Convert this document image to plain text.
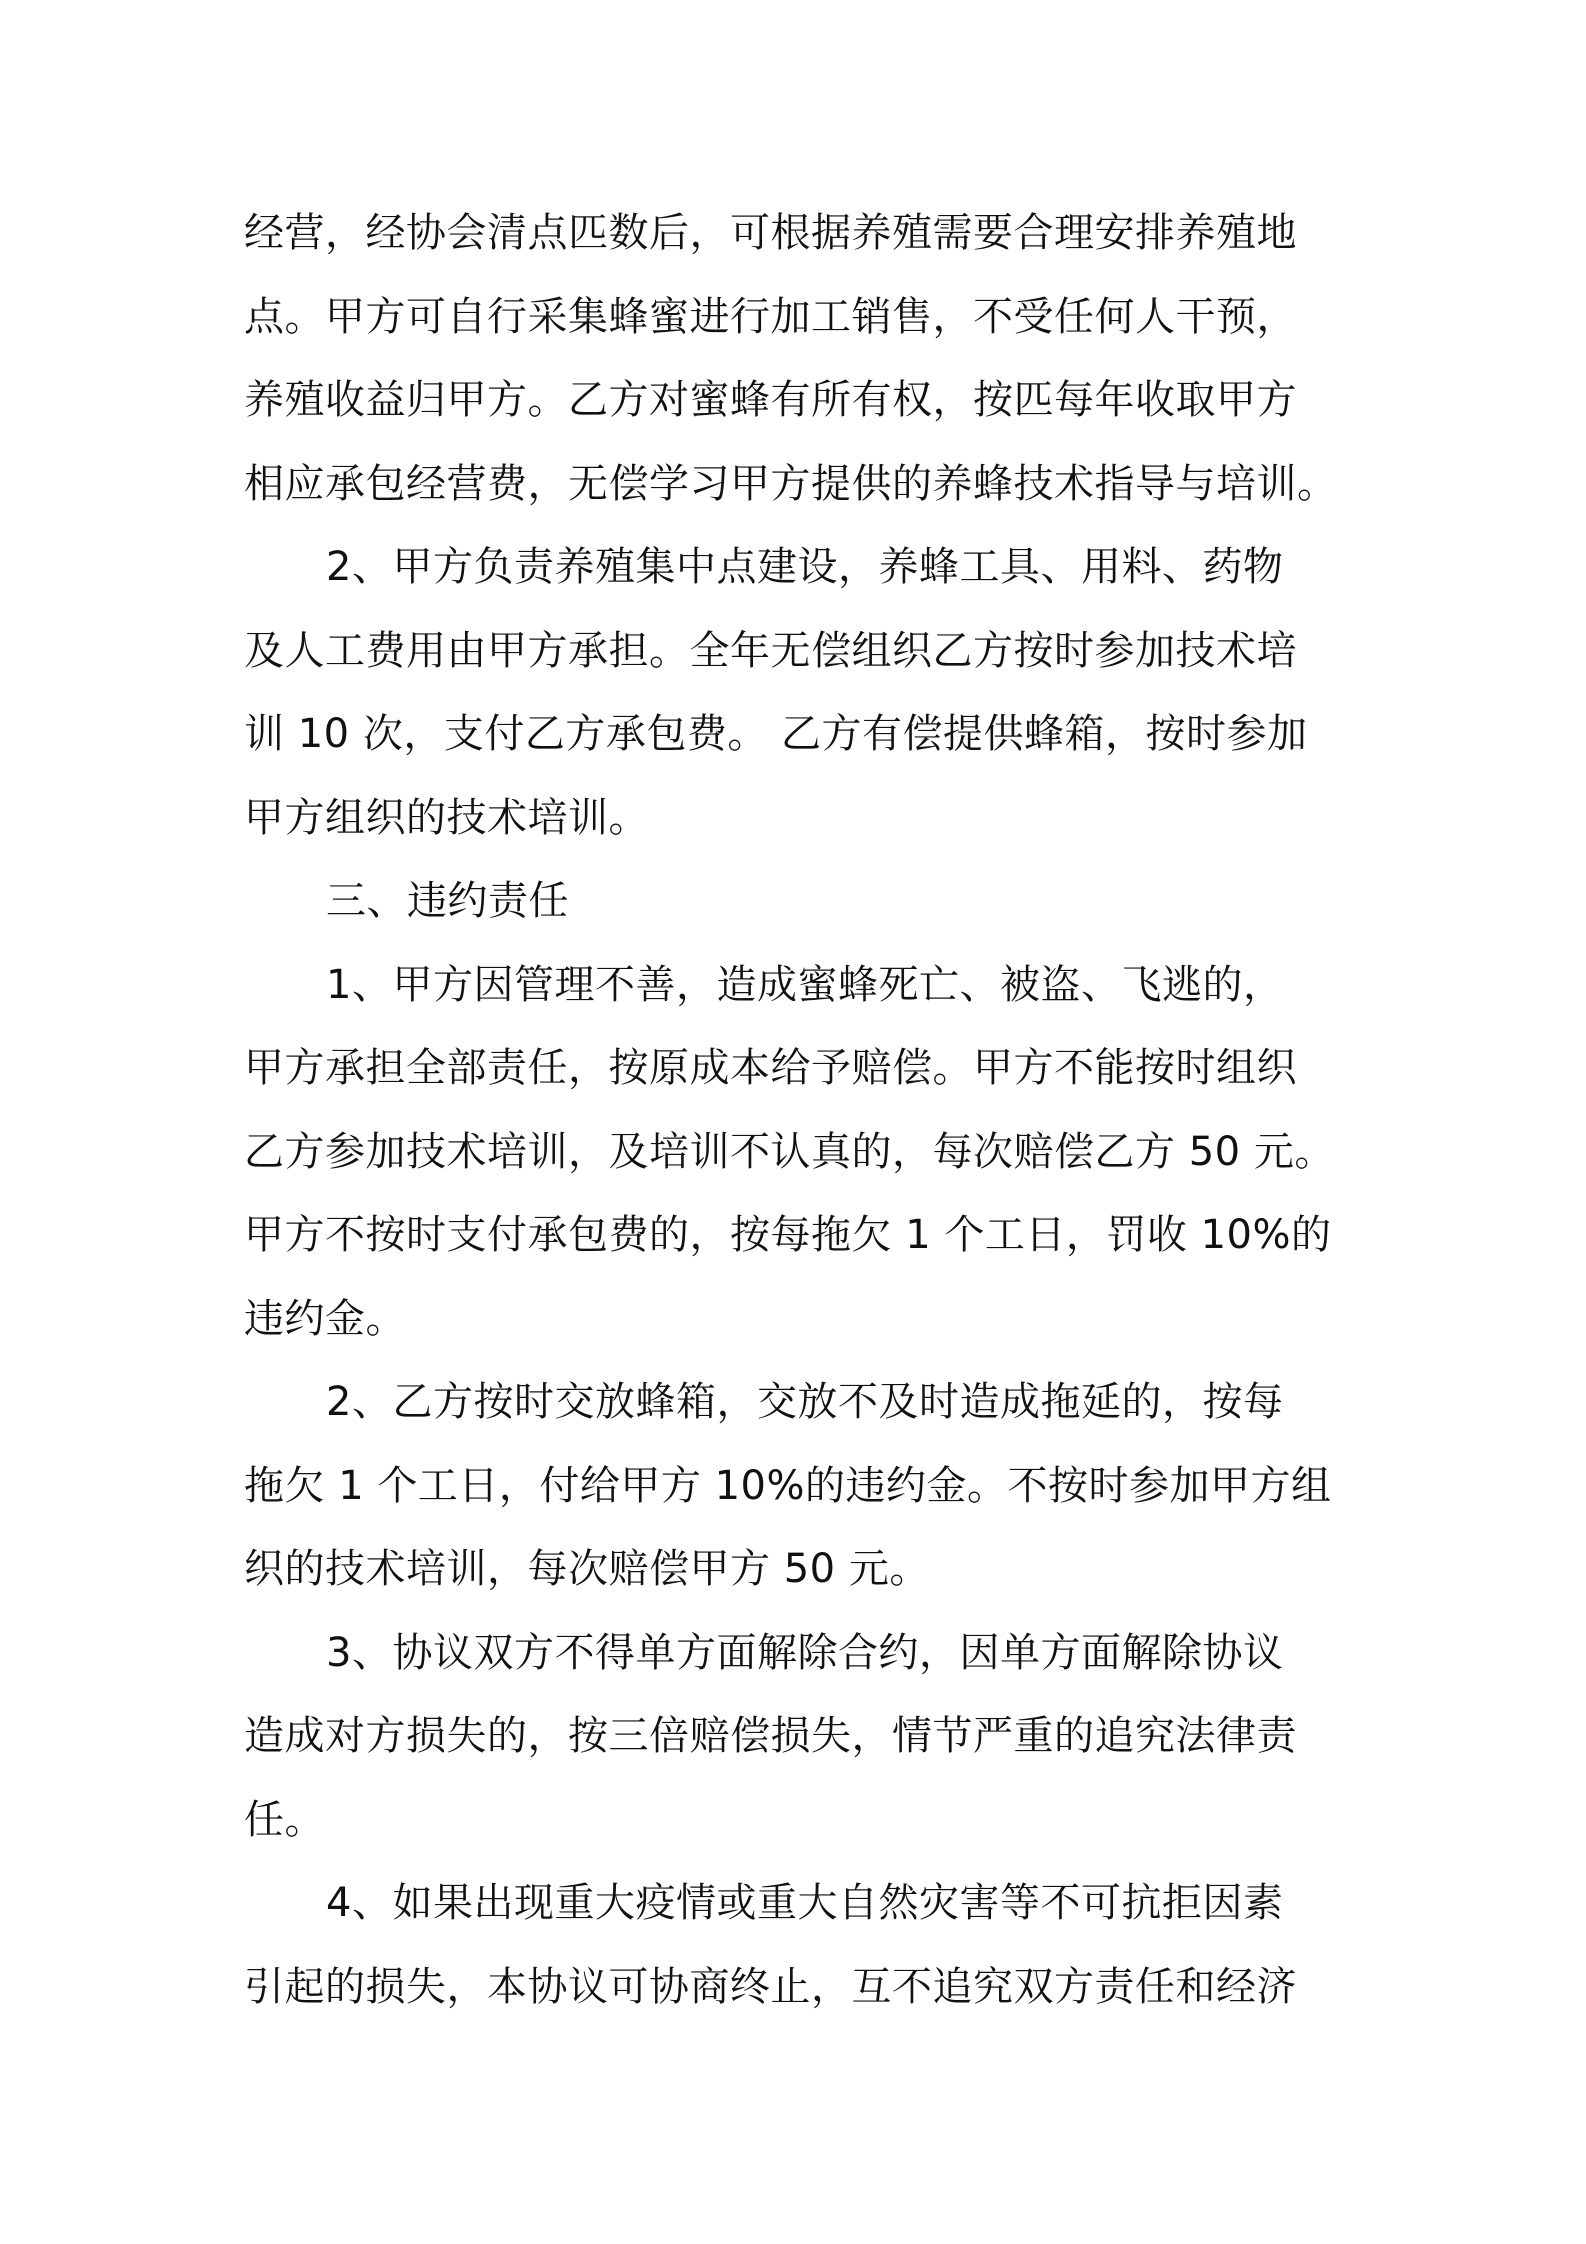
经营，经协会清点匹数后，可根据养殖需要合理安排养殖地
点。甲方可自行采集蜂蜜进行加工销售，不受任何人干预，
养殖收益归甲方。乙方对蜜蜂有所有权，按匹每年收取甲方
相应承包经营费，无偿学习甲方提供的养蜂技术指导与培训。
2、甲方负责养殖集中点建设，养蜂工具、用料、药物
及人工费用由甲方承担。全年无偿组织乙方按时参加技术培
训 10 次，支付乙方承包费。 乙方有偿提供蜂箱，按时参加
甲方组织的技术培训。
三、违约责任
1、甲方因管理不善，造成蜜蜂死亡、被盗、飞逃的，
甲方承担全部责任，按原成本给予赔偿。甲方不能按时组织
乙方参加技术培训，及培训不认真的，每次赔偿乙方 50 元。
甲方不按时支付承包费的，按每拖欠 1 个工日，罚收 10%的
违约金。
2、乙方按时交放蜂箱，交放不及时造成拖延的，按每
拖欠 1 个工日，付给甲方 10%的违约金。不按时参加甲方组
织的技术培训，每次赔偿甲方 50 元。
3、协议双方不得单方面解除合约，因单方面解除协议
造成对方损失的，按三倍赔偿损失，情节严重的追究法律责
任。
4、如果出现重大疫情或重大自然灾害等不可抗拒因素
引起的损失，本协议可协商终止，互不追究双方责任和经济
